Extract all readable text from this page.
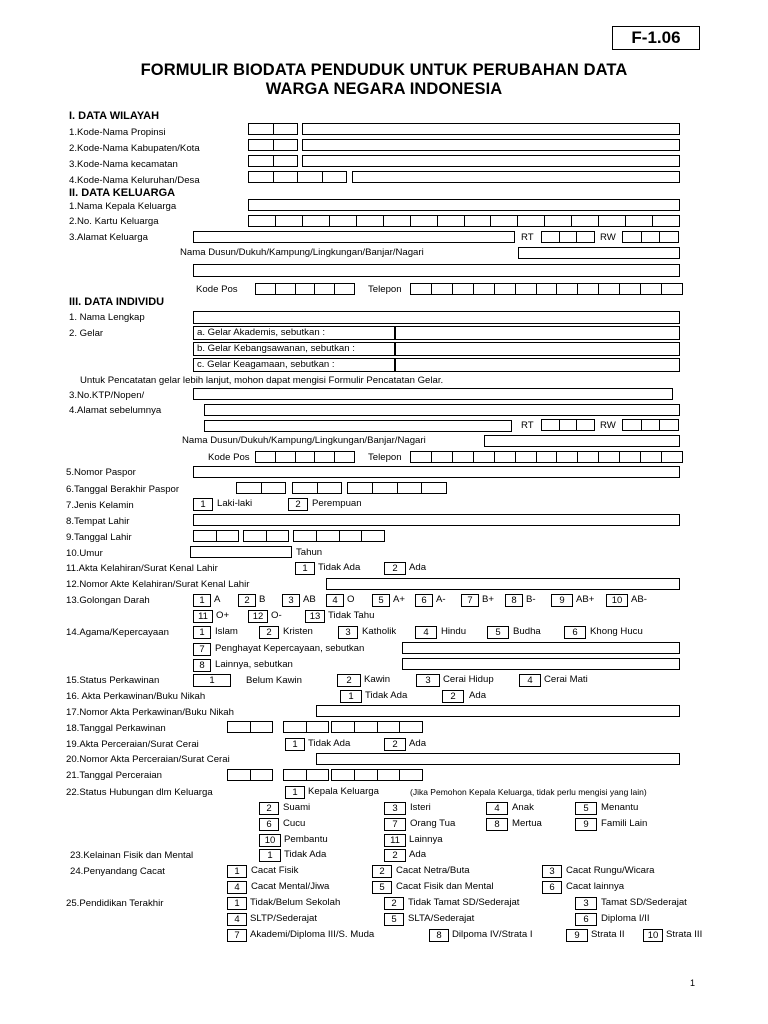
F-1.06
FORMULIR BIODATA PENDUDUK UNTUK PERUBAHAN DATA
WARGA NEGARA INDONESIA
I. DATA WILAYAH
1.Kode-Nama Propinsi
2.Kode-Nama Kabupaten/Kota
3.Kode-Nama kecamatan
4.Kode-Nama Keluruhan/Desa
II. DATA KELUARGA
1.Nama Kepala Keluarga
2.No. Kartu Keluarga
3.Alamat Keluarga	RT	RW
Nama Dusun/Dukuh/Kampung/Lingkungan/Banjar/Nagari
Kode Pos	Telepon
III. DATA INDIVIDU
1. Nama Lengkap
2. Gelar	a. Gelar Akademis, sebutkan :
b. Gelar Kebangsawanan, sebutkan :
c. Gelar Keagamaan, sebutkan :
Untuk Pencatatan gelar lebih lanjut, mohon dapat mengisi Formulir Pencatatan Gelar.
3.No.KTP/Nopen/
4.Alamat sebelumnya
RT	RW
Nama Dusun/Dukuh/Kampung/Lingkungan/Banjar/Nagari
Kode Pos	Telepon
5.Nomor Paspor
6.Tanggal Berakhir Paspor
7.Jenis Kelamin	1	Laki-laki	2	Perempuan
8.Tempat Lahir
9.Tanggal Lahir
10.Umur	Tahun
11.Akta Kelahiran/Surat Kenal Lahir	1	Tidak Ada	2	Ada
12.Nomor Akte Kelahiran/Surat Kenal Lahir
13.Golongan Darah	1 A	2 B	3 AB	4 O	5 A+	6 A-	7 B+	8 B-	9	AB+	10 AB-
11 O+	12 O-	13 Tidak Tahu
14.Agama/Kepercayaan	1	Islam	2	Kristen	3	Katholik	4	Hindu	5	Budha	6	Khong Hucu
7	Penghayat Kepercayaan, sebutkan
8	Lainnya, sebutkan
15.Status Perkawinan	1	Belum Kawin	2	Kawin	3	Cerai Hidup	4	Cerai Mati
16. Akta Perkawinan/Buku Nikah	1	Tidak Ada	2	Ada
17.Nomor Akta Perkawinan/Buku Nikah
18.Tanggal Perkawinan
19.Akta Perceraian/Surat Cerai	1	Tidak Ada	2	Ada
20.Nomor Akta Perceraian/Surat Cerai
21.Tanggal Perceraian
22.Status Hubungan dlm Keluarga	1	Kepala Keluarga	(Jika Pemohon Kepala Keluarga, tidak perlu mengisi yang lain)
2	Suami	3	Isteri	4	Anak	5	Menantu
6	Cucu	7	Orang Tua	8	Mertua	9	Famili Lain
10 Pembantu	11 Lainnya
23.Kelainan Fisik dan Mental	1	Tidak Ada	2	Ada
24.Penyandang Cacat	1	Cacat Fisik	2	Cacat Netra/Buta	3	Cacat Rungu/Wicara
4	Cacat Mental/Jiwa	5	Cacat Fisik dan Mental	6	Cacat lainnya
25.Pendidikan Terakhir	1	Tidak/Belum Sekolah	2	Tidak Tamat SD/Sederajat	3	Tamat SD/Sederajat
4	SLTP/Sederajat	5	SLTA/Sederajat	6	Diploma I/II
7	Akademi/Diploma III/S. Muda	8	Dilpoma IV/Strata I	9	Strata II	10 Strata III
1
